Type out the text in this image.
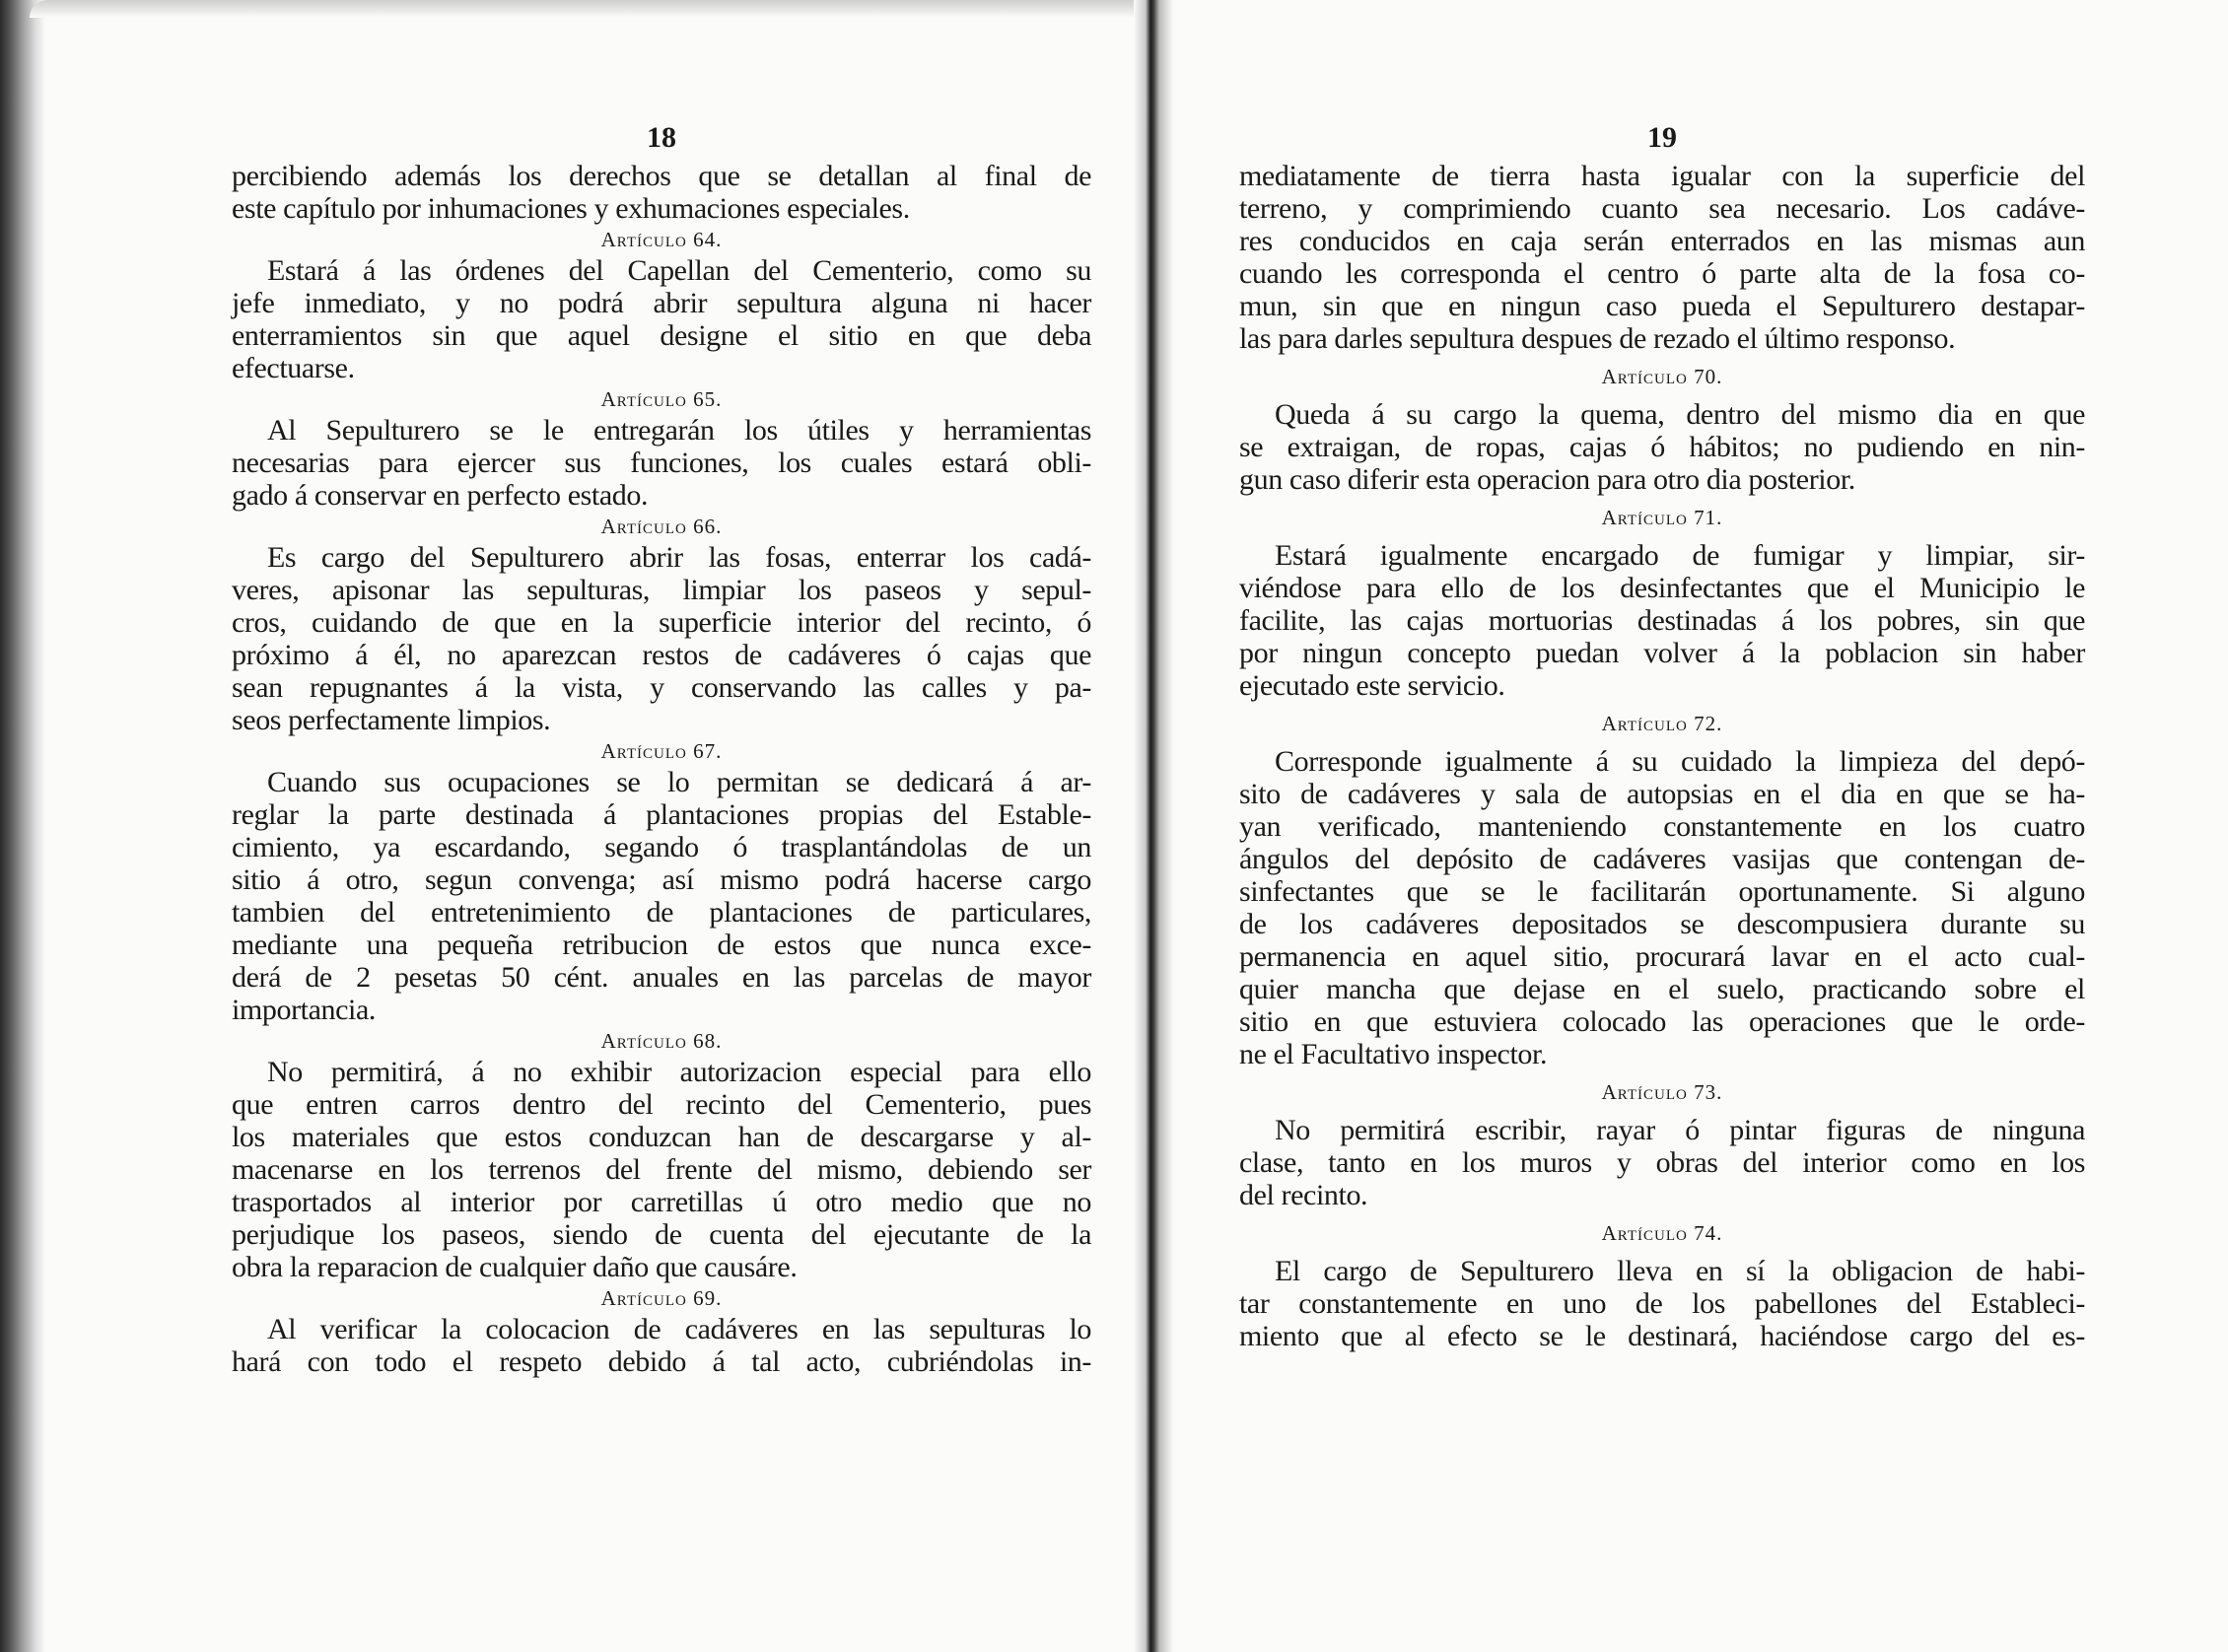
18
percibiendo además los derechos que se detallan al final de
este capítulo por inhumaciones y exhumaciones especiales.
Artículo 64.
Estará á las órdenes del Capellan del Cementerio, como su
jefe inmediato, y no podrá abrir sepultura alguna ni hacer
enterramientos sin que aquel designe el sitio en que deba
efectuarse.
Artículo 65.
Al Sepulturero se le entregarán los útiles y herramientas
necesarias para ejercer sus funciones, los cuales estará obli-
gado á conservar en perfecto estado.
Artículo 66.
Es cargo del Sepulturero abrir las fosas, enterrar los cadá-
veres, apisonar las sepulturas, limpiar los paseos y sepul-
cros, cuidando de que en la superficie interior del recinto, ó
próximo á él, no aparezcan restos de cadáveres ó cajas que
sean repugnantes á la vista, y conservando las calles y pa-
seos perfectamente limpios.
Artículo 67.
Cuando sus ocupaciones se lo permitan se dedicará á ar-
reglar la parte destinada á plantaciones propias del Estable-
cimiento, ya escardando, segando ó trasplantándolas de un
sitio á otro, segun convenga; así mismo podrá hacerse cargo
tambien del entretenimiento de plantaciones de particulares,
mediante una pequeña retribucion de estos que nunca exce-
derá de 2 pesetas 50 cént. anuales en las parcelas de mayor
importancia.
Artículo 68.
No permitirá, á no exhibir autorizacion especial para ello
que entren carros dentro del recinto del Cementerio, pues
los materiales que estos conduzcan han de descargarse y al-
macenarse en los terrenos del frente del mismo, debiendo ser
trasportados al interior por carretillas ú otro medio que no
perjudique los paseos, siendo de cuenta del ejecutante de la
obra la reparacion de cualquier daño que causáre.
Artículo 69.
Al verificar la colocacion de cadáveres en las sepulturas lo
hará con todo el respeto debido á tal acto, cubriéndolas in-
19
mediatamente de tierra hasta igualar con la superficie del
terreno, y comprimiendo cuanto sea necesario. Los cadáve-
res conducidos en caja serán enterrados en las mismas aun
cuando les corresponda el centro ó parte alta de la fosa co-
mun, sin que en ningun caso pueda el Sepulturero destapar-
las para darles sepultura despues de rezado el último responso.
Artículo 70.
Queda á su cargo la quema, dentro del mismo dia en que
se extraigan, de ropas, cajas ó hábitos; no pudiendo en nin-
gun caso diferir esta operacion para otro dia posterior.
Artículo 71.
Estará igualmente encargado de fumigar y limpiar, sir-
viéndose para ello de los desinfectantes que el Municipio le
facilite, las cajas mortuorias destinadas á los pobres, sin que
por ningun concepto puedan volver á la poblacion sin haber
ejecutado este servicio.
Artículo 72.
Corresponde igualmente á su cuidado la limpieza del depó-
sito de cadáveres y sala de autopsias en el dia en que se ha-
yan verificado, manteniendo constantemente en los cuatro
ángulos del depósito de cadáveres vasijas que contengan de-
sinfectantes que se le facilitarán oportunamente. Si alguno
de los cadáveres depositados se descompusiera durante su
permanencia en aquel sitio, procurará lavar en el acto cual-
quier mancha que dejase en el suelo, practicando sobre el
sitio en que estuviera colocado las operaciones que le orde-
ne el Facultativo inspector.
Artículo 73.
No permitirá escribir, rayar ó pintar figuras de ninguna
clase, tanto en los muros y obras del interior como en los
del recinto.
Artículo 74.
El cargo de Sepulturero lleva en sí la obligacion de habi-
tar constantemente en uno de los pabellones del Estableci-
miento que al efecto se le destinará, haciéndose cargo del es-
